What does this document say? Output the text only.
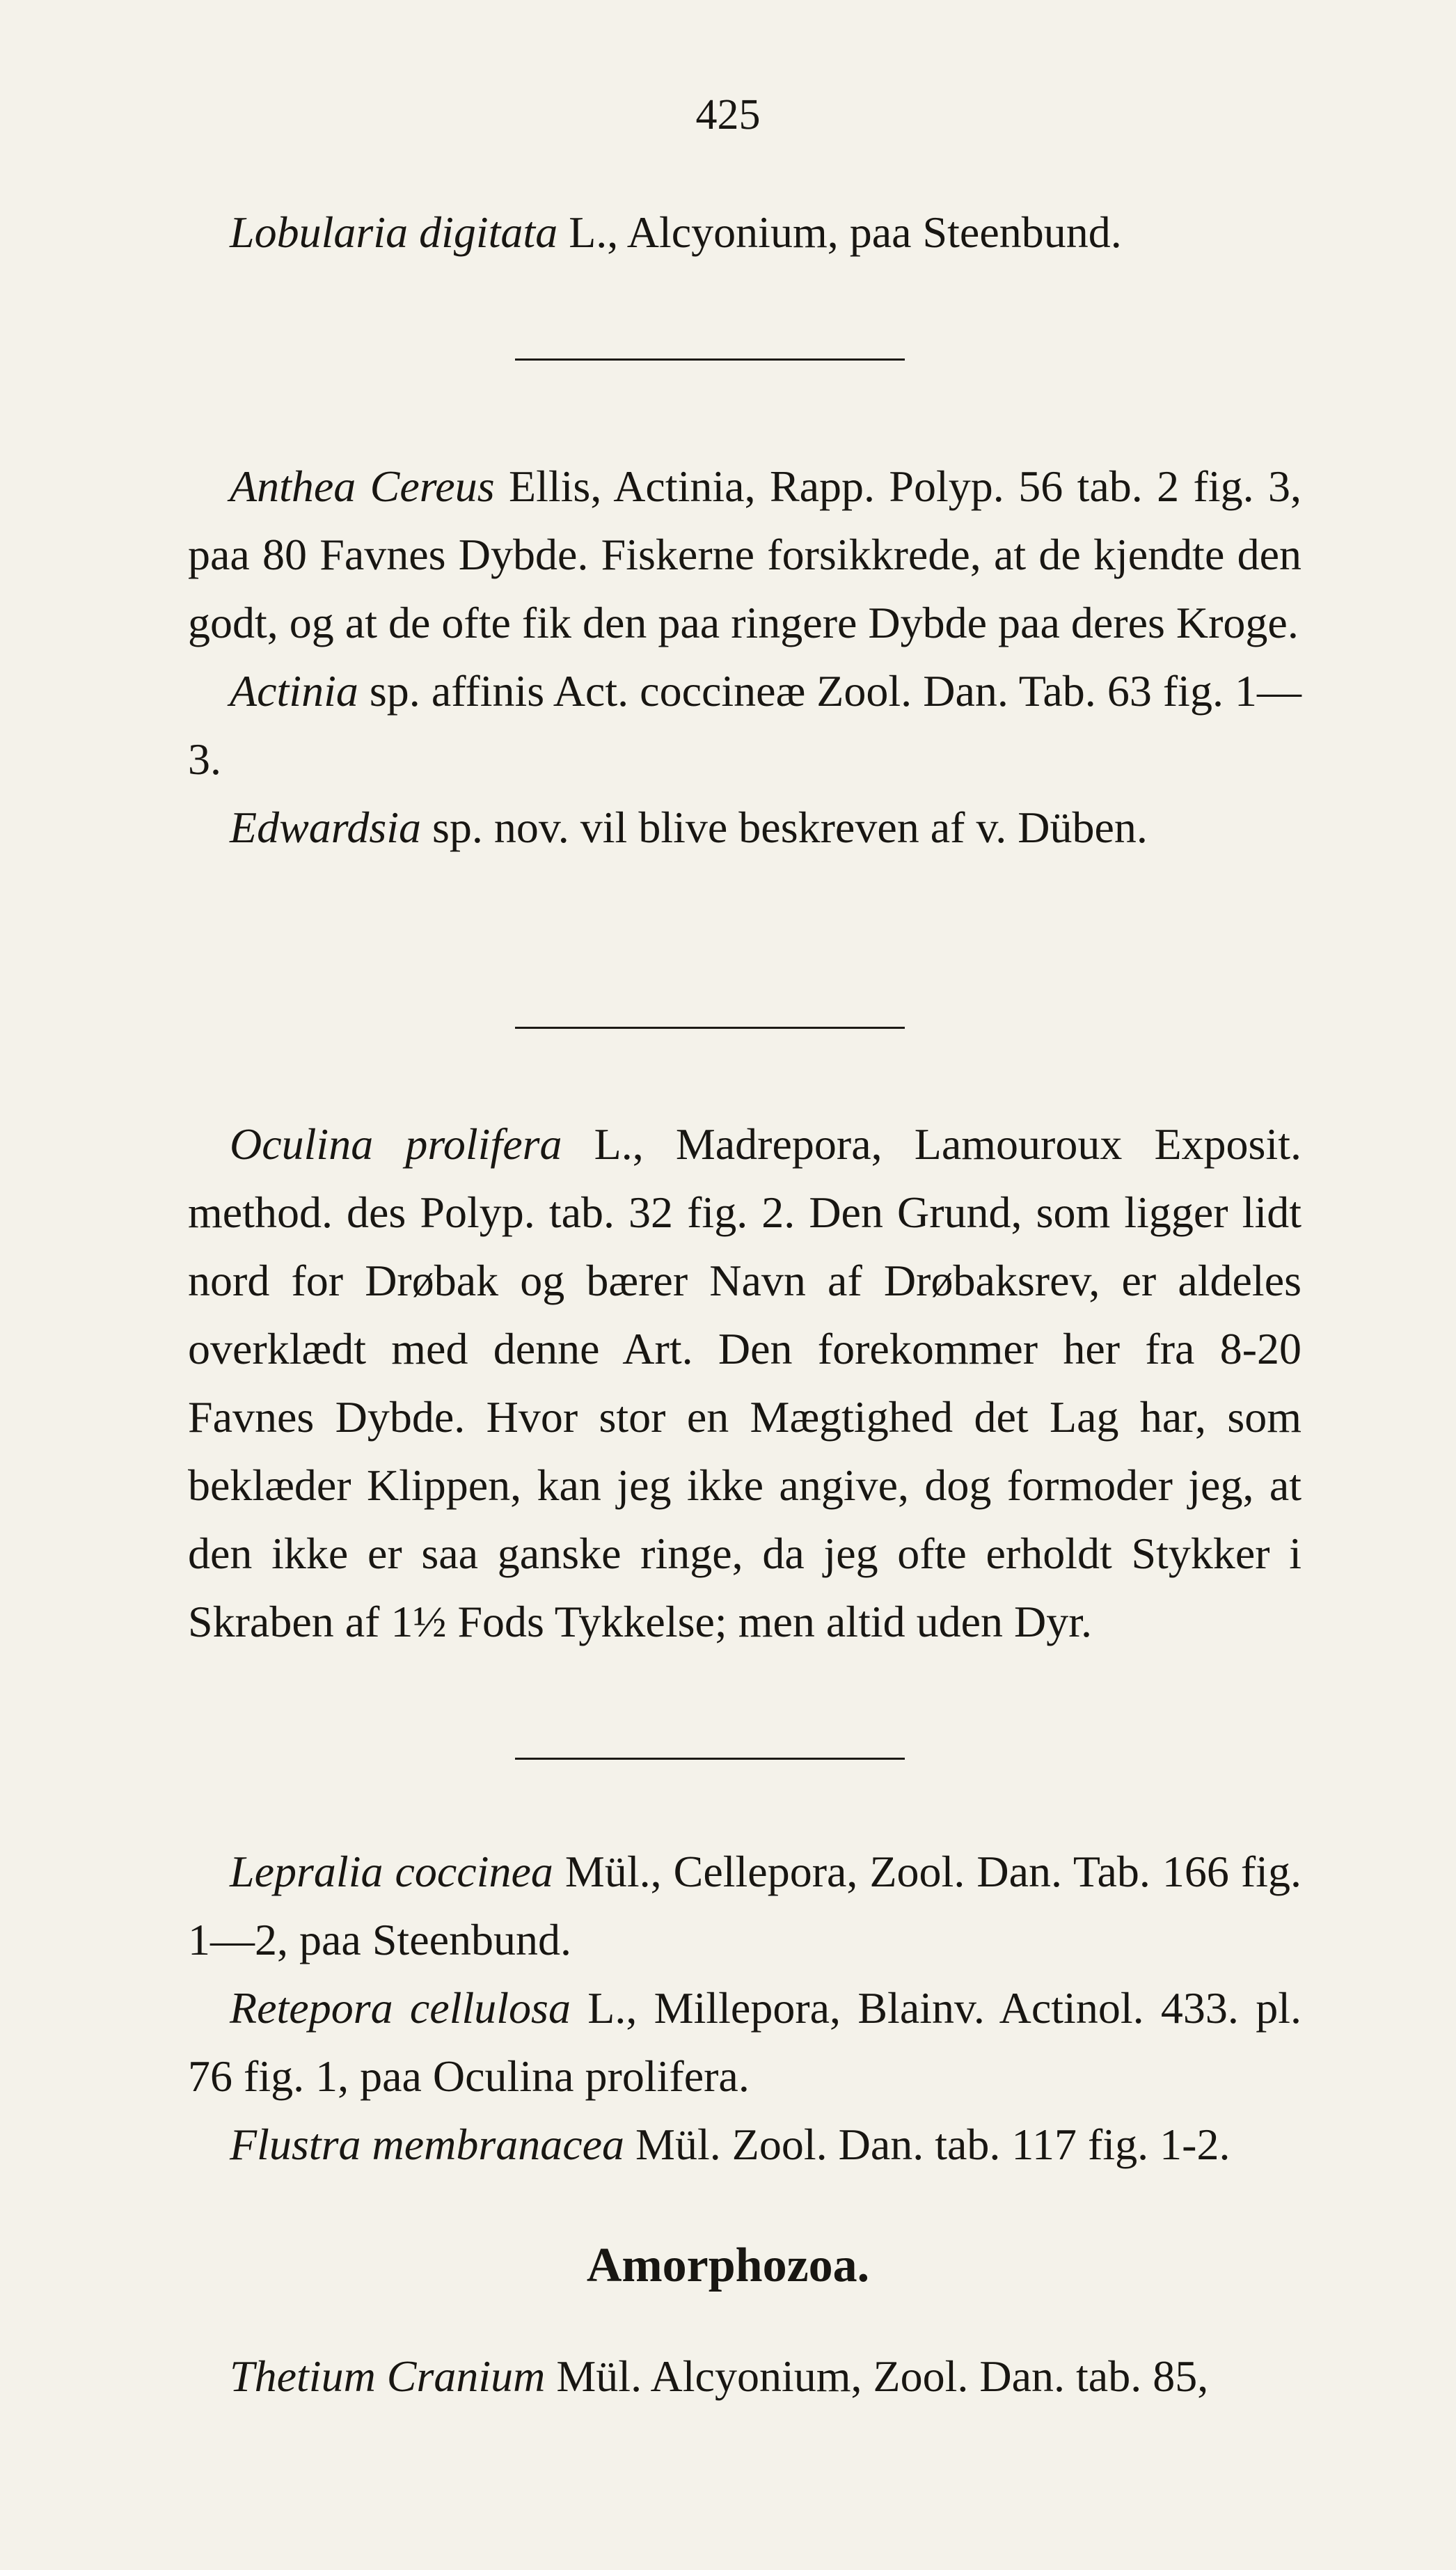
425

Lobularia digitata L., Alcyonium, paa Steenbund.

Anthea Cereus Ellis, Actinia, Rapp. Polyp. 56 tab. 2 fig. 3, paa 80 Favnes Dybde. Fiskerne forsikkrede, at de kjendte den godt, og at de ofte fik den paa ringere Dybde paa deres Kroge.

Actinia sp. affinis Act. coccineæ Zool. Dan. Tab. 63 fig. 1—3.

Edwardsia sp. nov. vil blive beskreven af v. Düben.

Oculina prolifera L., Madrepora, Lamouroux Exposit. method. des Polyp. tab. 32 fig. 2. Den Grund, som ligger lidt nord for Drøbak og bærer Navn af Drøbaksrev, er aldeles overklædt med denne Art. Den forekommer her fra 8-20 Favnes Dybde. Hvor stor en Mægtighed det Lag har, som beklæder Klippen, kan jeg ikke angive, dog formoder jeg, at den ikke er saa ganske ringe, da jeg ofte erholdt Stykker i Skraben af 1½ Fods Tykkelse; men altid uden Dyr.

Lepralia coccinea Mül., Cellepora, Zool. Dan. Tab. 166 fig. 1—2, paa Steenbund.

Retepora cellulosa L., Millepora, Blainv. Actinol. 433. pl. 76 fig. 1, paa Oculina prolifera.

Flustra membranacea Mül. Zool. Dan. tab. 117 fig. 1-2.

Amorphozoa.

Thetium Cranium Mül. Alcyonium, Zool. Dan. tab. 85,
